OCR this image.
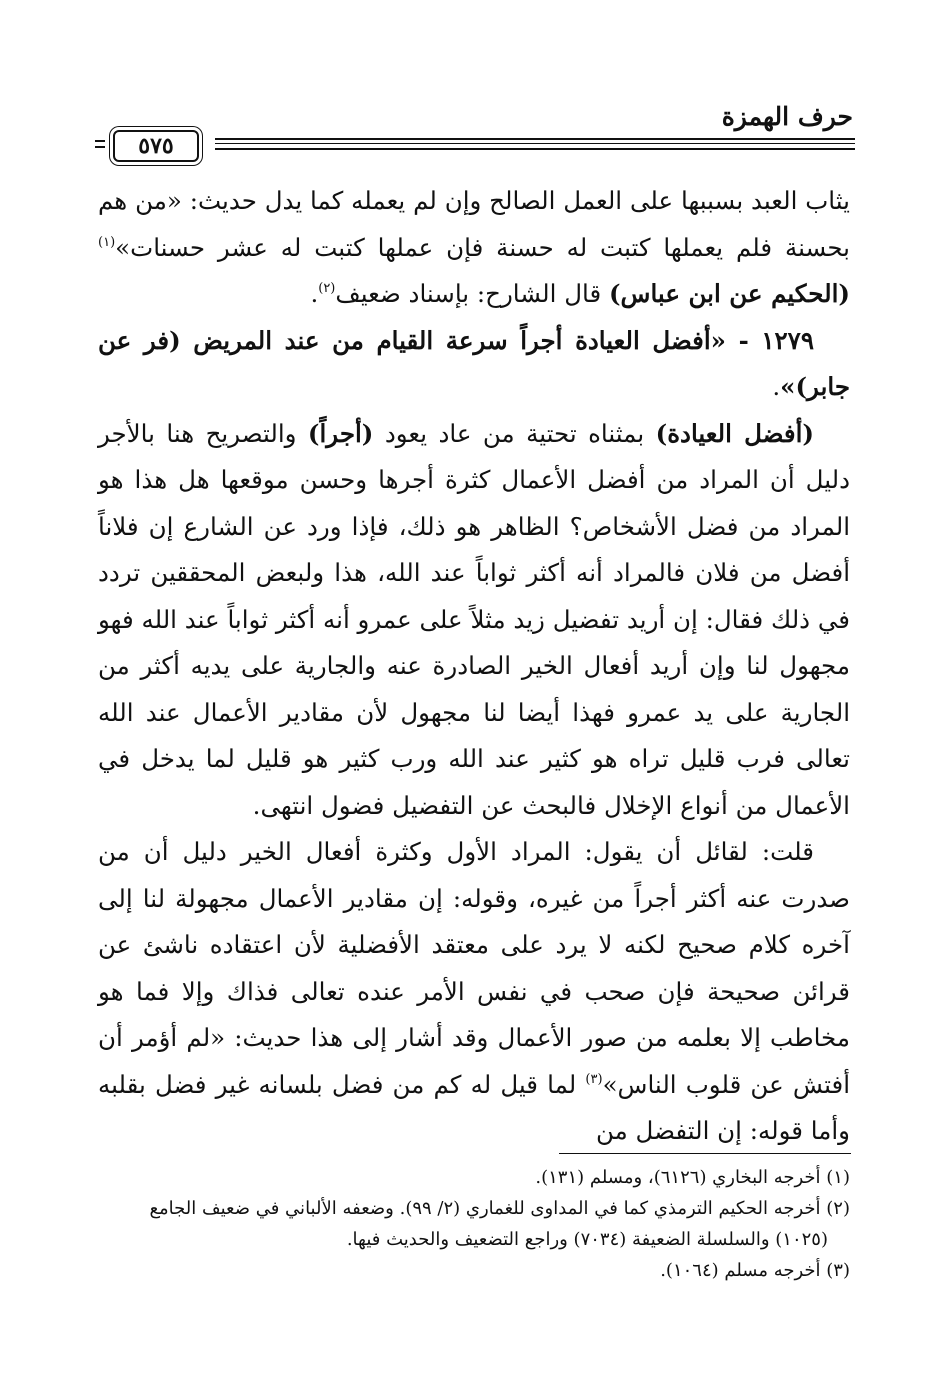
حرف الهمزة
٥٧٥

يثاب العبد بسببها على العمل الصالح وإن لم يعمله كما يدل حديث: «من هم بحسنة فلم يعملها كتبت له حسنة فإن عملها كتبت له عشر حسنات»$^{(١)}$ (الحكيم عن ابن عباس) قال الشارح: بإسناد ضعيف$^{(٢)}$.

١٢٧٩ - «أفضل العيادة أجراً سرعة القيام من عند المريض (فر عن جابر)».

(أفضل العيادة) بمثناه تحتية من عاد يعود (أجراً) والتصريح هنا بالأجر دليل أن المراد من أفضل الأعمال كثرة أجرها وحسن موقعها هل هذا هو المراد من فضل الأشخاص؟ الظاهر هو ذلك، فإذا ورد عن الشارع إن فلاناً أفضل من فلان فالمراد أنه أكثر ثواباً عند الله، هذا ولبعض المحققين تردد في ذلك فقال: إن أريد تفضيل زيد مثلاً على عمرو أنه أكثر ثواباً عند الله فهو مجهول لنا وإن أريد أفعال الخير الصادرة عنه والجارية على يديه أكثر من الجارية على يد عمرو فهذا أيضا لنا مجهول لأن مقادير الأعمال عند الله تعالى فرب قليل تراه هو كثير عند الله ورب كثير هو قليل لما يدخل في الأعمال من أنواع الإخلال فالبحث عن التفضيل فضول انتهى.

قلت: لقائل أن يقول: المراد الأول وكثرة أفعال الخير دليل أن من صدرت عنه أكثر أجراً من غيره، وقوله: إن مقادير الأعمال مجهولة لنا إلى آخره كلام صحيح لكنه لا يرد على معتقد الأفضلية لأن اعتقاده ناشئ عن قرائن صحيحة فإن صحب في نفس الأمر عنده تعالى فذاك وإلا فما هو مخاطب إلا بعلمه من صور الأعمال وقد أشار إلى هذا حديث: «لم أؤمر أن أفتش عن قلوب الناس»$^{(٣)}$ لما قيل له كم من فضل بلسانه غير فضل بقلبه وأما قوله: إن التفضل من

(١) أخرجه البخاري (٦١٢٦)، ومسلم (١٣١).

(٢) أخرجه الحكيم الترمذي كما في المداوى للغماري (٢/ ٩٩). وضعفه الألباني في ضعيف الجامع

(١٠٢٥) والسلسلة الضعيفة (٧٠٣٤) وراجع التضعيف والحديث فيها.

(٣) أخرجه مسلم (١٠٦٤).
